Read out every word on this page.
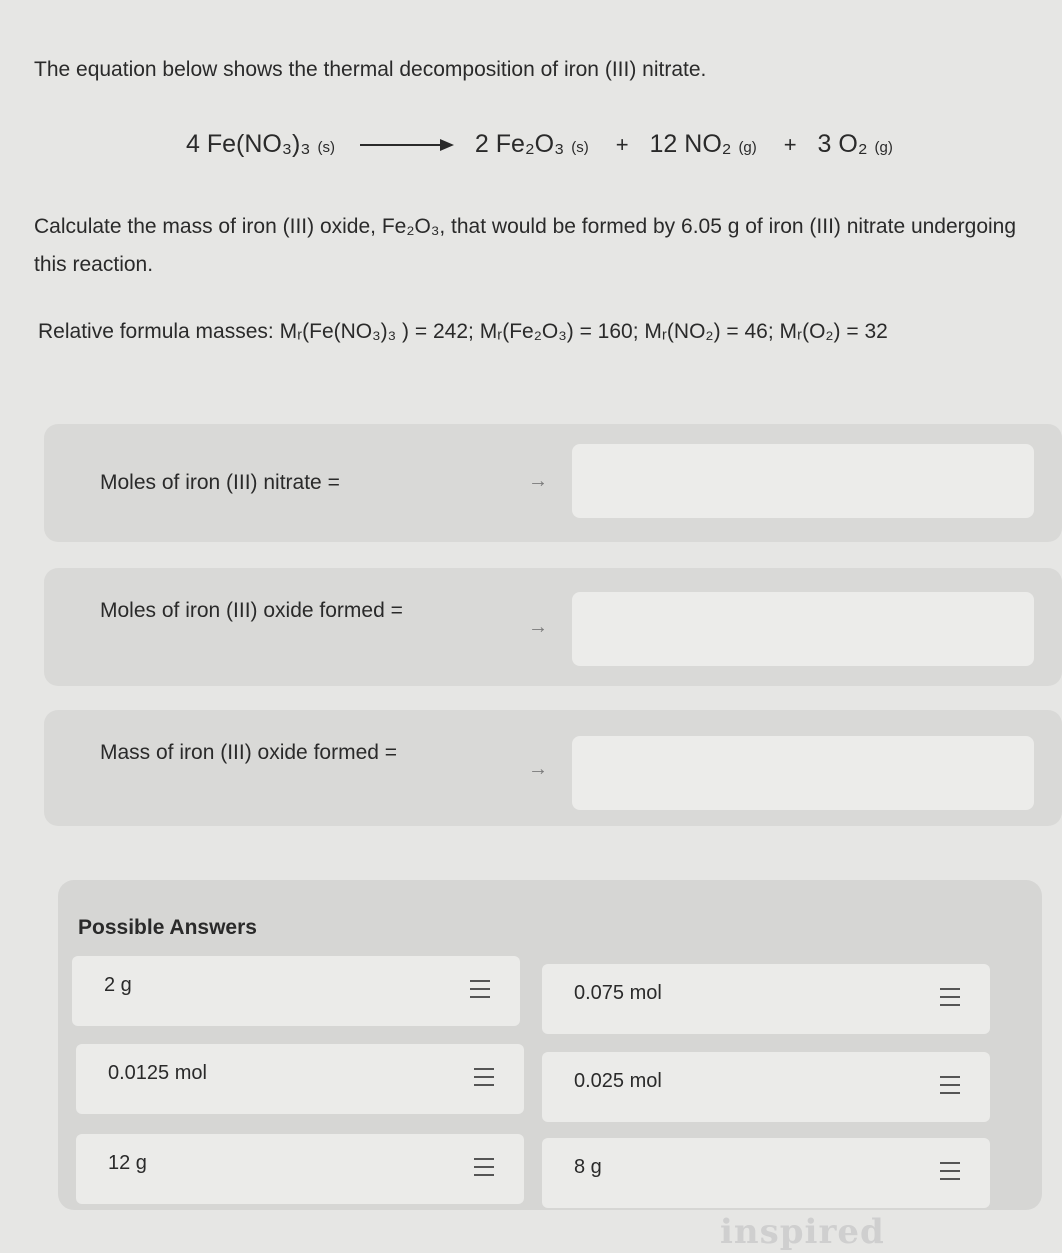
The equation below shows the thermal decomposition of iron (III) nitrate.
4 Fe(NO₃)₃ (s) → 2 Fe₂O₃ (s) + 12 NO₂ (g) + 3 O₂ (g)
Calculate the mass of iron (III) oxide, Fe₂O₃, that would be formed by 6.05 g of iron (III) nitrate undergoing this reaction.
Relative formula masses: Mᵣ(Fe(NO₃)₃ ) = 242; Mᵣ(Fe₂O₃) = 160; Mᵣ(NO₂) = 46; Mᵣ(O₂) = 32
Moles of iron (III) nitrate =	→
Moles of iron (III) oxide formed =
→
Mass of iron (III) oxide formed =
→
Possible Answers
2 g	0.075 mol
0.0125 mol	0.025 mol
12 g	8 g
inspired
